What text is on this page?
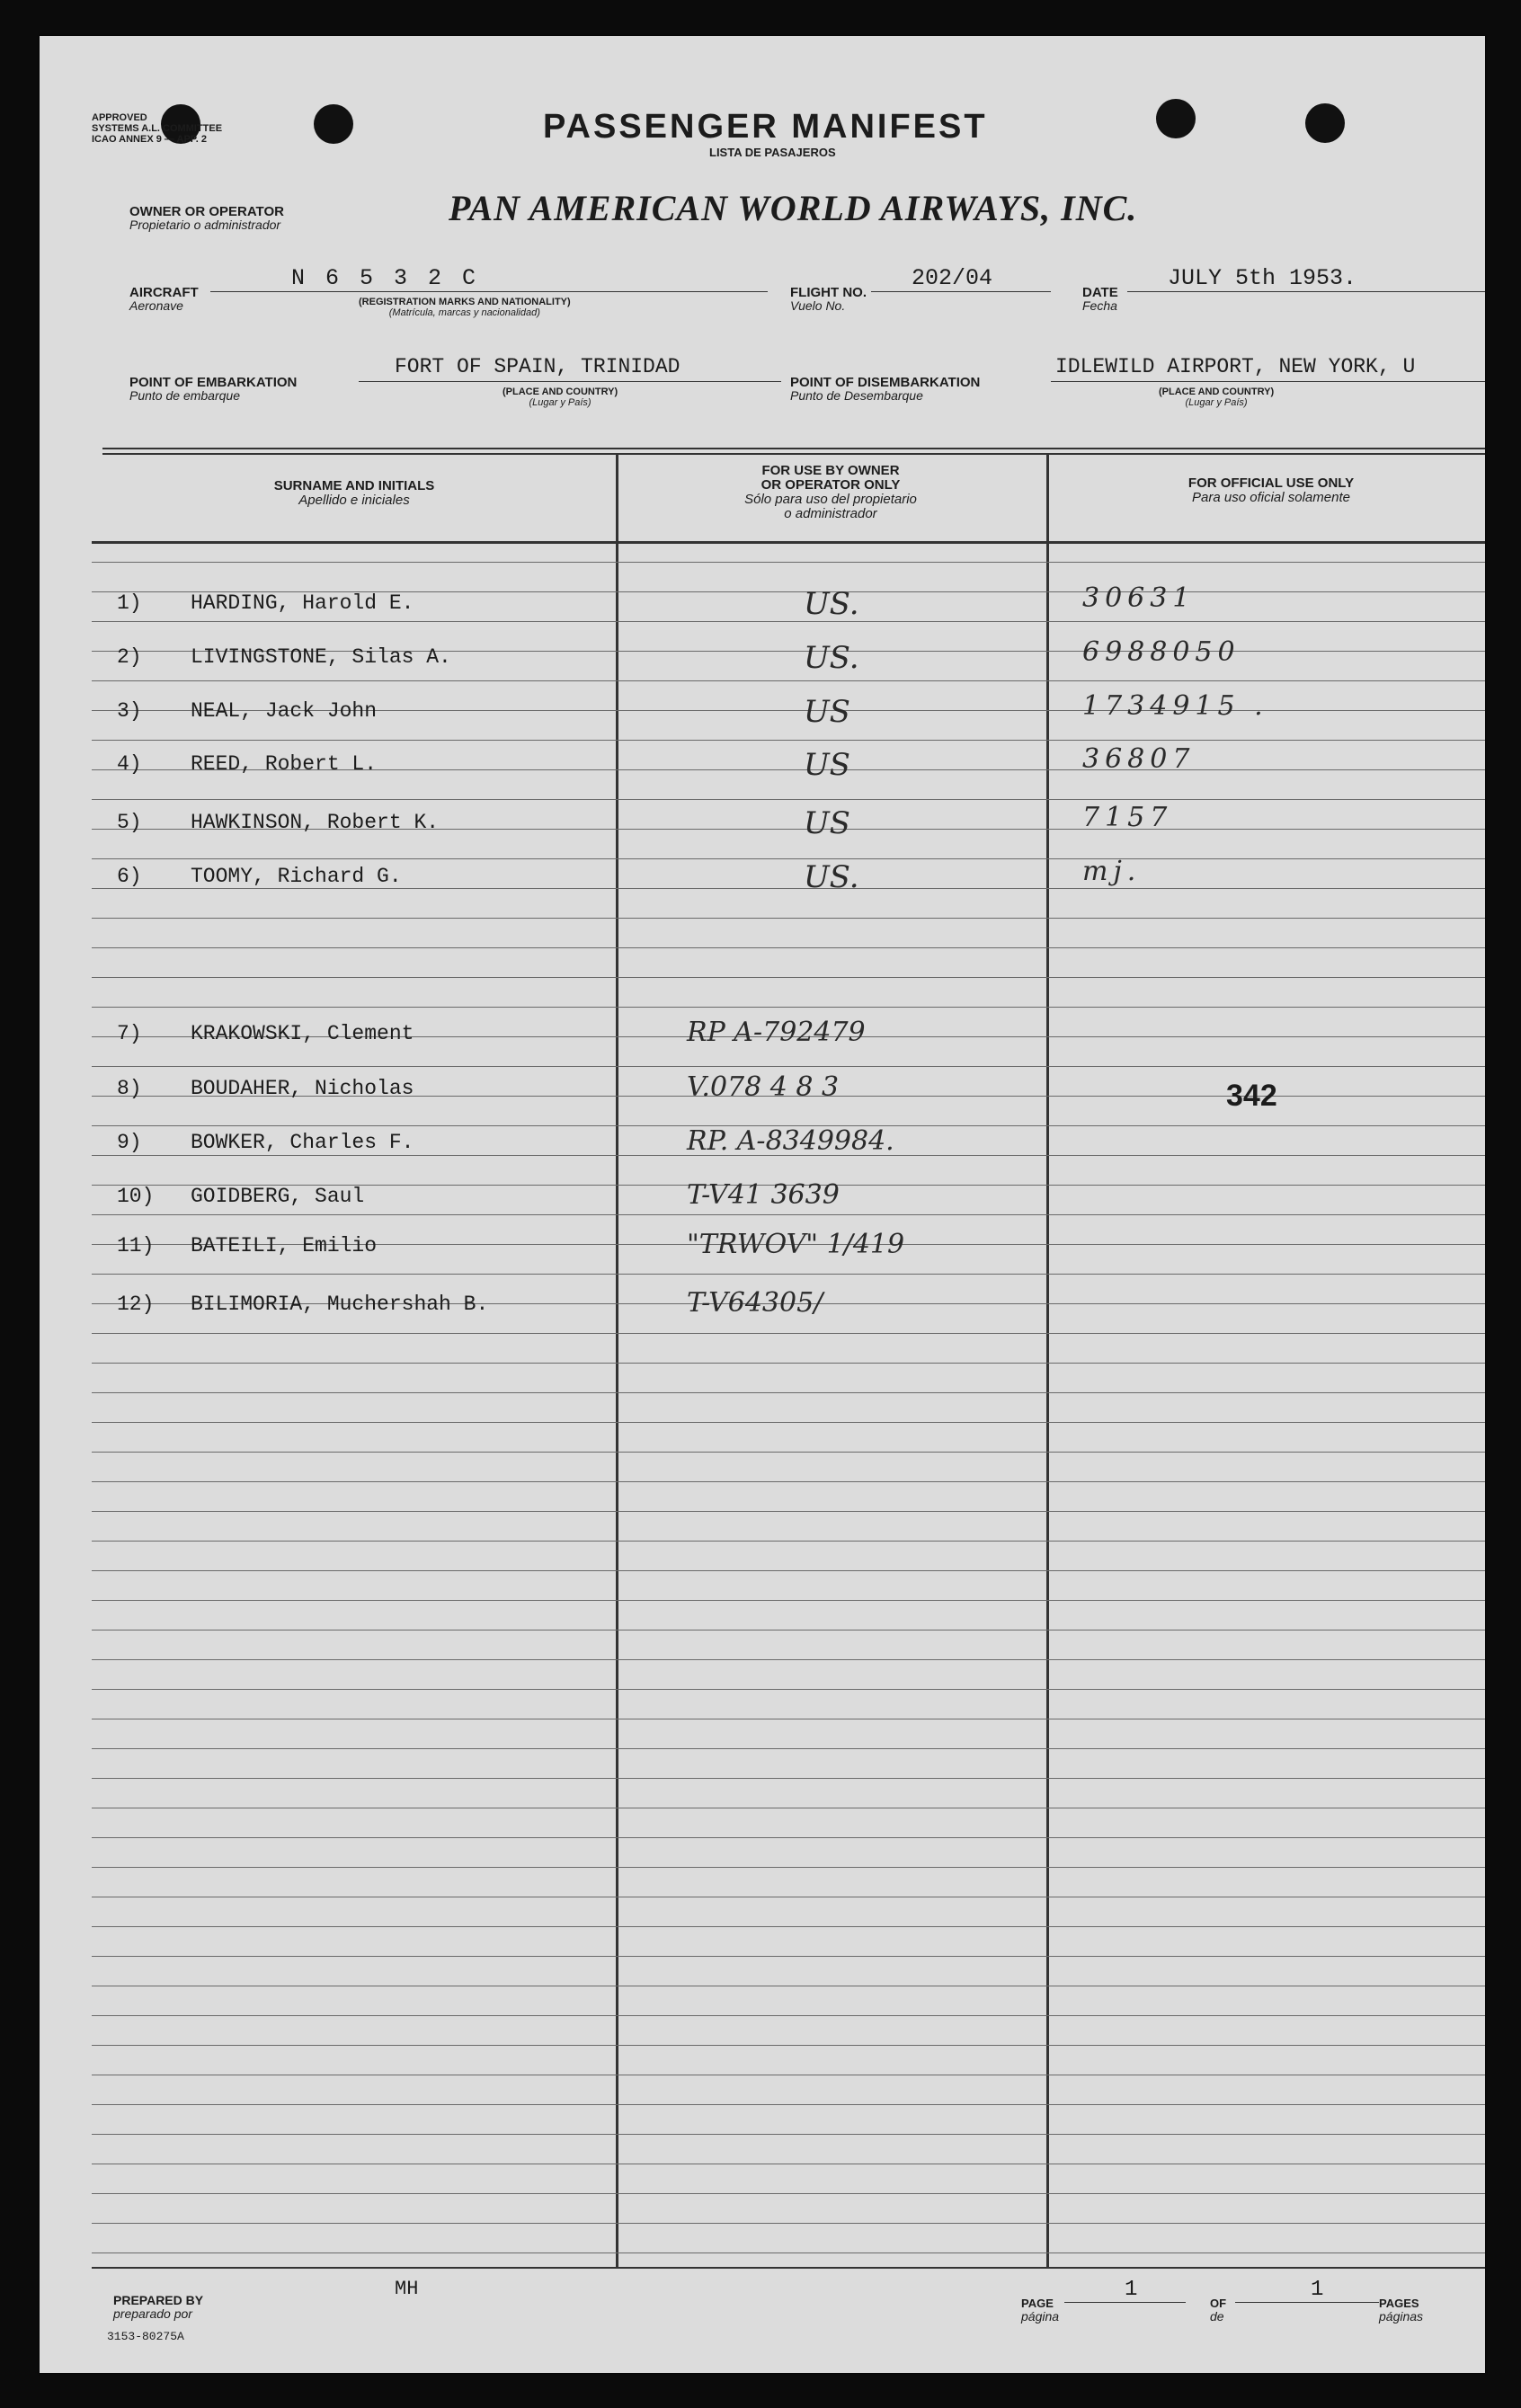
APPROVED
SYSTEMS A.L. COMMITTEE
ICAO ANNEX 9 — APP. 2	PASSENGER MANIFEST
LISTA DE PASAJEROS
OWNER OR OPERATOR
Propietario o administrador	PAN AMERICAN WORLD AIRWAYS, INC.
AIRCRAFT
Aeronave
N 6 5 3 2 C
(REGISTRATION MARKS AND NATIONALITY)
(Matrícula, marcas y nacionalidad)
FLIGHT NO.
Vuelo No.
202/04
DATE
Fecha
JULY 5th 1953.
POINT OF EMBARKATION
Punto de embarque
FORT OF SPAIN, TRINIDAD
(PLACE AND COUNTRY)
(Lugar y País)
POINT OF DISEMBARKATION
Punto de Desembarque
IDLEWILD AIRPORT, NEW YORK, U
(PLACE AND COUNTRY)
(Lugar y País)
SURNAME AND INITIALS
Apellido e iniciales
FOR USE BY OWNER
OR OPERATOR ONLY
Sólo para uso del propietario
o administrador
FOR OFFICIAL USE ONLY
Para uso oficial solamente
1) HARDING, Harold E.	US.	30631
2) LIVINGSTONE, Silas A.	US.	6988050
3) NEAL, Jack John	US	1734915 .
4) REED, Robert L.	US	36807
5) HAWKINSON, Robert K.	US	7157
6) TOOMY, Richard G.	US.	mj.
7) KRAKOWSKI, Clement	RP A-792479
8) BOUDAHER, Nicholas	V.078 4 8 3
9) BOWKER, Charles F.	RP. A-8349984.
10) GOIDBERG, Saul	T-V41 3639
11) BATEILI, Emilio	"TRWOV" 1/419
12) BILIMORIA, Muchershah B.	T-V64305/
342
PREPARED BY
preparado por
MH
3153-80275A
PAGE
página
1
OF
de
1
PAGES
páginas
